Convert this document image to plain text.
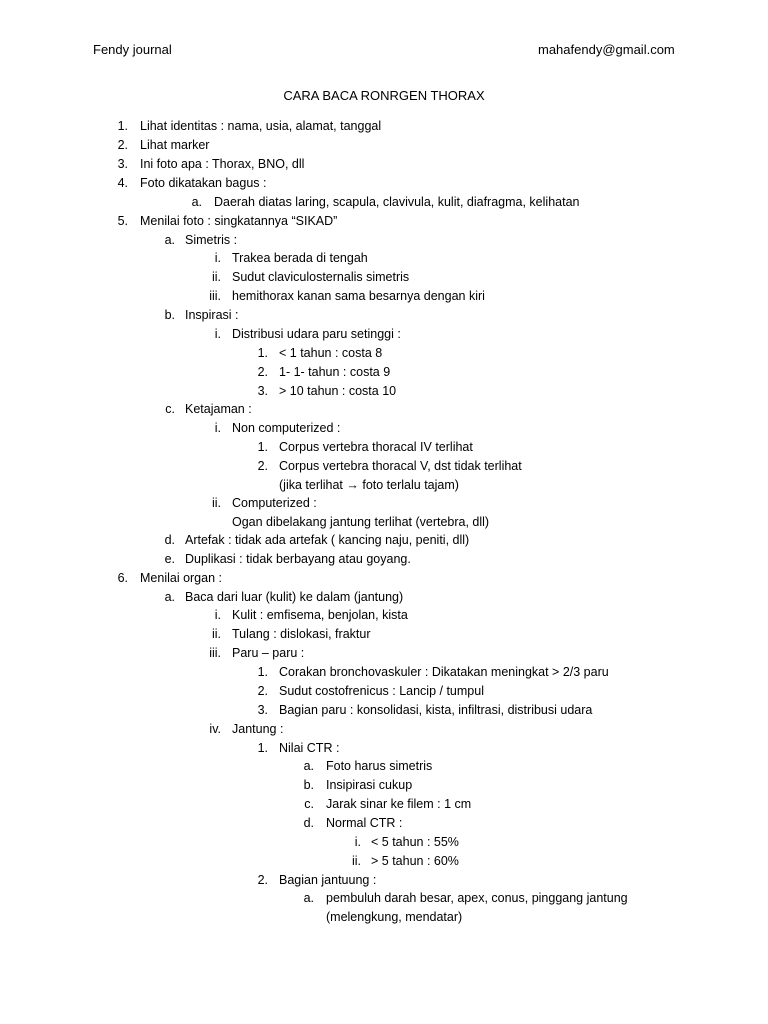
Fendy journal	mahafendy@gmail.com
CARA BACA RONRGEN THORAX
1. Lihat identitas : nama, usia, alamat, tanggal
2. Lihat marker
3. Ini foto apa : Thorax, BNO, dll
4. Foto dikatakan bagus :
a. Daerah diatas laring, scapula, clavivula, kulit, diafragma, kelihatan
5. Menilai foto : singkatannya “SIKAD”
a. Simetris :
i. Trakea berada di tengah
ii. Sudut claviculosternalis simetris
iii. hemithorax kanan sama besarnya dengan kiri
b. Inspirasi :
i. Distribusi udara paru setinggi :
1. < 1 tahun : costa 8
2. 1- 1- tahun : costa 9
3. > 10 tahun : costa 10
c. Ketajaman :
i. Non computerized :
1. Corpus vertebra thoracal IV terlihat
2. Corpus vertebra thoracal V, dst tidak terlihat
(jika terlihat → foto terlalu tajam)
ii. Computerized :
Ogan dibelakang jantung terlihat (vertebra, dll)
d. Artefak : tidak ada artefak ( kancing naju, peniti, dll)
e. Duplikasi : tidak berbayang atau goyang.
6. Menilai organ :
a. Baca dari luar (kulit) ke dalam (jantung)
i. Kulit : emfisema, benjolan, kista
ii. Tulang : dislokasi, fraktur
iii. Paru – paru :
1. Corakan bronchovaskuler : Dikatakan meningkat > 2/3 paru
2. Sudut costofrenicus : Lancip / tumpul
3. Bagian paru : konsolidasi, kista, infiltrasi, distribusi udara
iv. Jantung :
1. Nilai CTR :
a. Foto harus simetris
b. Insipirasi cukup
c. Jarak sinar ke filem : 1 cm
d. Normal CTR :
i. < 5 tahun : 55%
ii. > 5 tahun : 60%
2. Bagian jantuung :
a. pembuluh darah besar, apex, conus, pinggang jantung
(melengkung, mendatar)
